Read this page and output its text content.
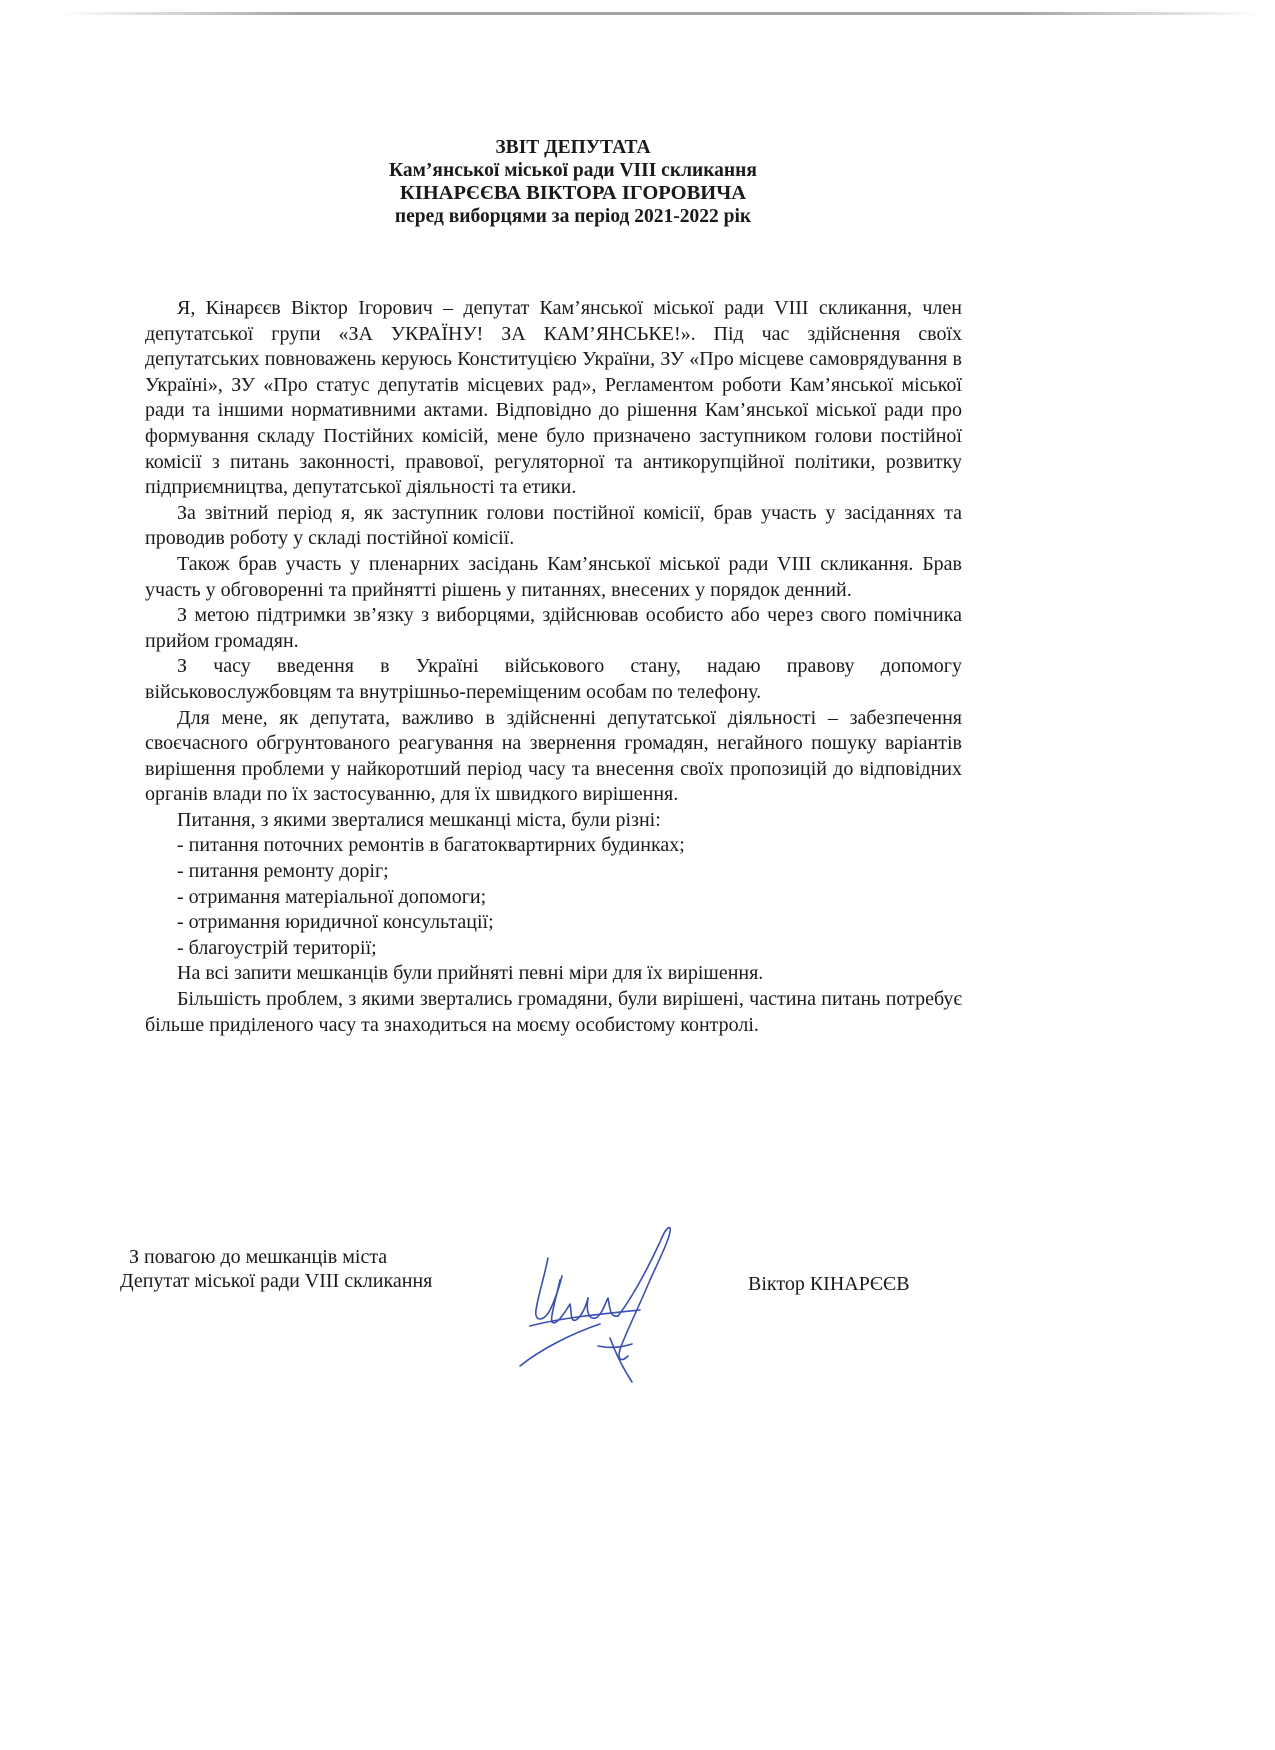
ЗВІТ ДЕПУТАТА
Кам’янської міської ради VIII скликання
КІНАРЄЄВА ВІКТОРА ІГОРОВИЧА
перед виборцями за період 2021-2022 рік

Я, Кінарєєв Віктор Ігорович – депутат Кам’янської міської ради VIII скликання, член депутатської групи «ЗА УКРАЇНУ! ЗА КАМ’ЯНСЬКЕ!». Під час здійснення своїх депутатських повноважень керуюсь Конституцією України, ЗУ «Про місцеве самоврядування в Україні», ЗУ «Про статус депутатів місцевих рад», Регламентом роботи Кам’янської міської ради та іншими нормативними актами. Відповідно до рішення Кам’янської міської ради про формування складу Постійних комісій, мене було призначено заступником голови постійної комісії з питань законності, правової, регуляторної та антикорупційної політики, розвитку підприємництва, депутатської діяльності та етики.

За звітний період я, як заступник голови постійної комісії, брав участь у засіданнях та проводив роботу у складі постійної комісії.

Також брав участь у пленарних засідань Кам’янської міської ради VIII скликання. Брав участь у обговоренні та прийнятті рішень у питаннях, внесених у порядок денний.

З метою підтримки зв’язку з виборцями, здійснював особисто або через свого помічника прийом громадян.

З часу введення в Україні військового стану, надаю правову допомогу військовослужбовцям та внутрішньо-переміщеним особам по телефону.

Для мене, як депутата, важливо в здійсненні депутатської діяльності – забезпечення своєчасного обгрунтованого реагування на звернення громадян, негайного пошуку варіантів вирішення проблеми у найкоротший період часу та внесення своїх пропозицій до відповідних органів влади по їх застосуванню, для їх швидкого вирішення.

Питання, з якими зверталися мешканці міста, були різні:

- питання поточних ремонтів в багатоквартирних будинках;
- питання ремонту доріг;
- отримання матеріальної допомоги;
- отримання юридичної консультації;
- благоустрій території;

На всі запити мешканців були прийняті певні міри для їх вирішення.

Більшість проблем, з якими звертались громадяни, були вирішені, частина питань потребує більше приділеного часу та знаходиться на моєму особистому контролі.

З повагою до мешканців міста
Депутат міської ради VIII скликання	Віктор КІНАРЄЄВ
